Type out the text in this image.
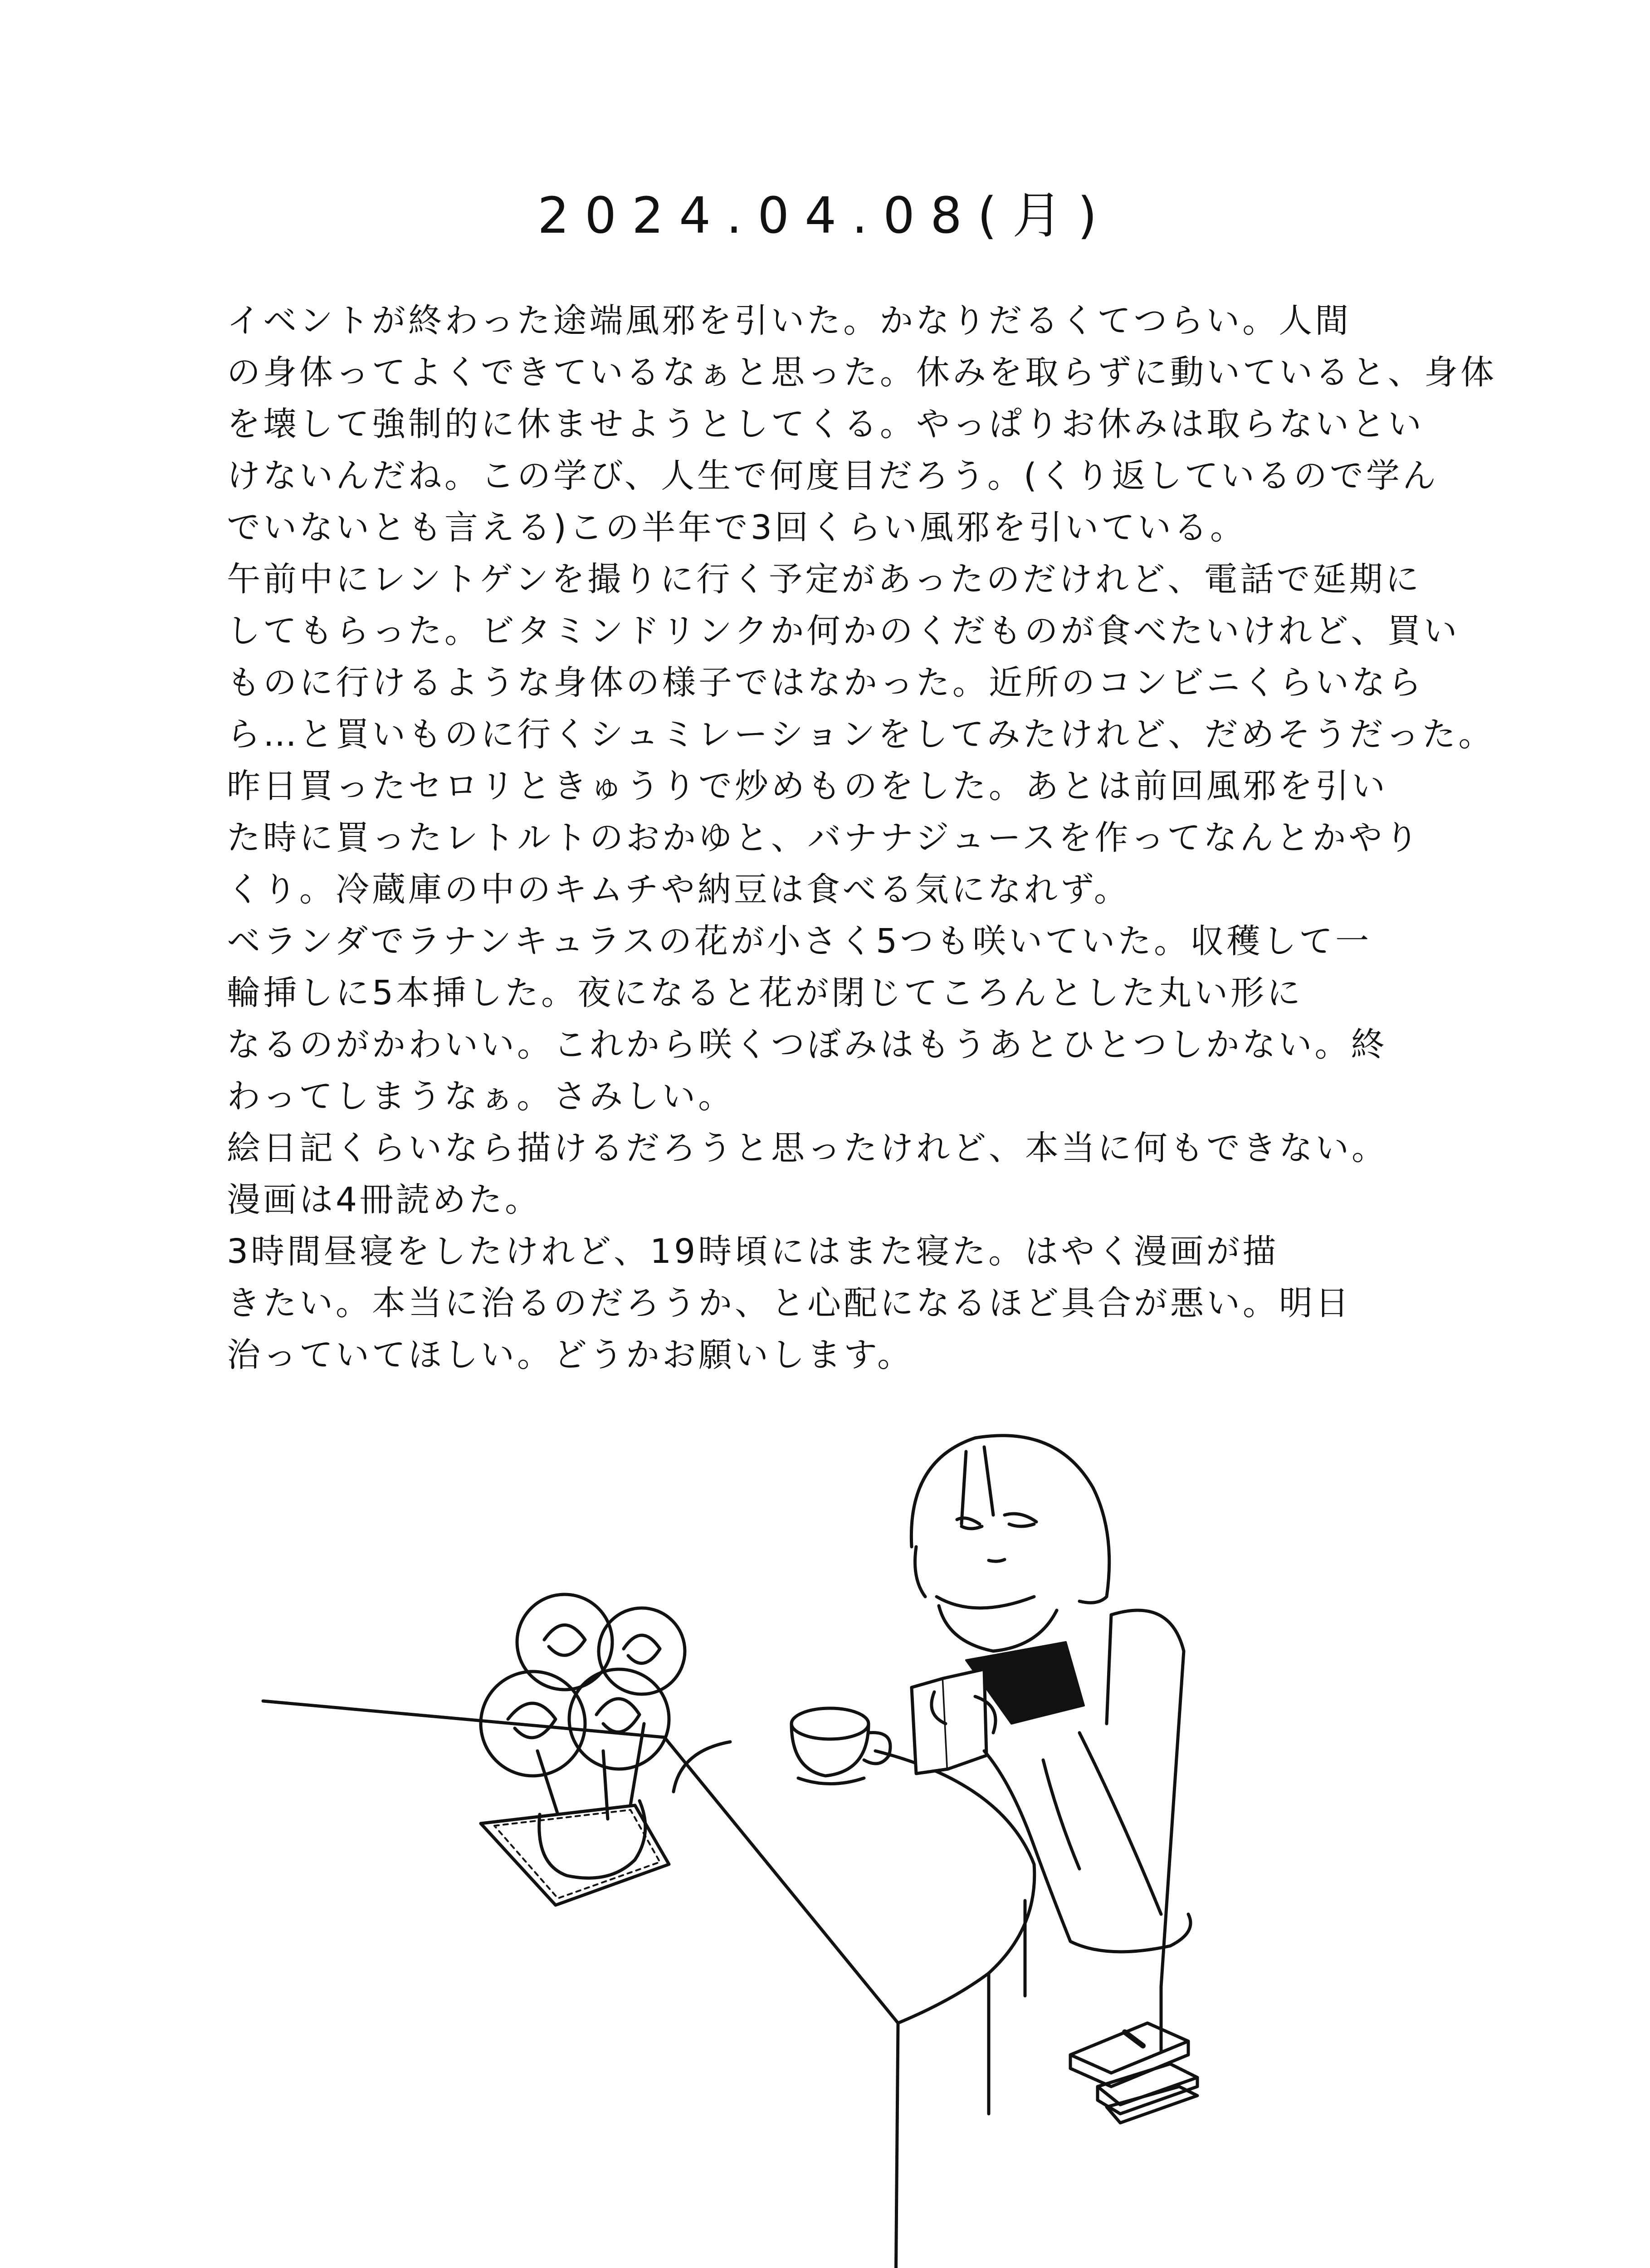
2024.04.08(月)
イベントが終わった途端風邪を引いた。かなりだるくてつらい。人間
の身体ってよくできているなぁと思った。休みを取らずに動いていると、身体
を壊して強制的に休ませようとしてくる。やっぱりお休みは取らないとい
けないんだね。この学び、人生で何度目だろう。(くり返しているので学ん
でいないとも言える)この半年で3回くらい風邪を引いている。
午前中にレントゲンを撮りに行く予定があったのだけれど、電話で延期に
してもらった。ビタミンドリンクか何かのくだものが食べたいけれど、買い
ものに行けるような身体の様子ではなかった。近所のコンビニくらいなら
ら…と買いものに行くシュミレーションをしてみたけれど、だめそうだった。
昨日買ったセロリときゅうりで炒めものをした。あとは前回風邪を引い
た時に買ったレトルトのおかゆと、バナナジュースを作ってなんとかやり
くり。冷蔵庫の中のキムチや納豆は食べる気になれず。
ベランダでラナンキュラスの花が小さく5つも咲いていた。収穫して一
輪挿しに5本挿した。夜になると花が閉じてころんとした丸い形に
なるのがかわいい。これから咲くつぼみはもうあとひとつしかない。終
わってしまうなぁ。さみしい。
絵日記くらいなら描けるだろうと思ったけれど、本当に何もできない。
漫画は4冊読めた。
3時間昼寝をしたけれど、19時頃にはまた寝た。はやく漫画が描
きたい。本当に治るのだろうか、と心配になるほど具合が悪い。明日
治っていてほしい。どうかお願いします。
